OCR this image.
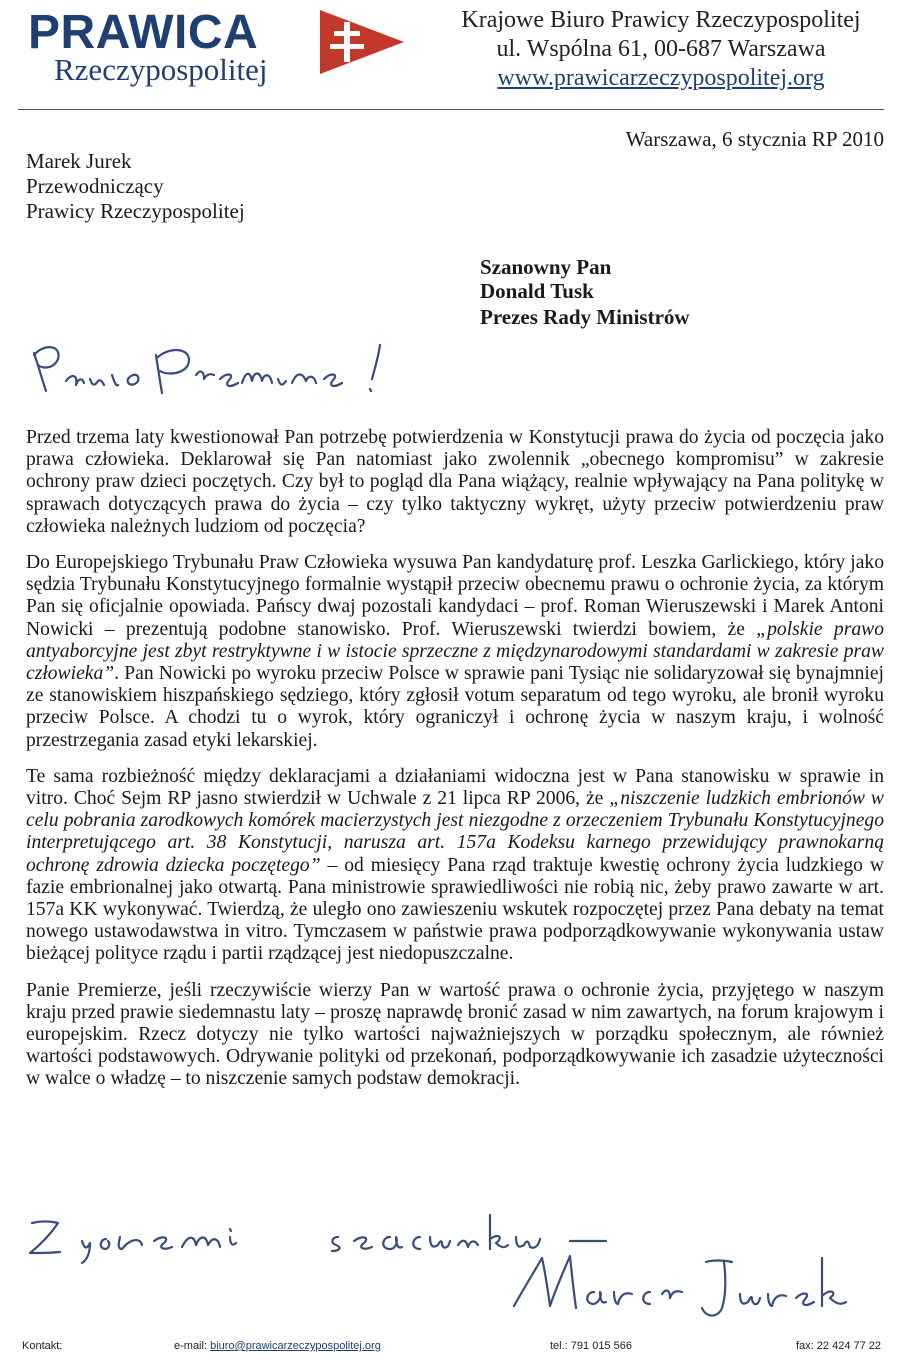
PRAWICA
Rzeczypospolitej
Krajowe Biuro Prawicy Rzeczypospolitej
ul. Wspólna 61, 00-687 Warszawa
www.prawicarzeczypospolitej.org
Warszawa, 6 stycznia RP 2010
Marek Jurek
Przewodniczący
Prawicy Rzeczypospolitej
Szanowny Pan
Donald Tusk
Prezes Rady Ministrów

Przed trzema laty kwestionował Pan potrzebę potwierdzenia w Konstytucji prawa do życia od poczęcia jako prawa człowieka. Deklarował się Pan natomiast jako zwolennik „obecnego kompromisu” w zakresie ochrony praw dzieci poczętych. Czy był to pogląd dla Pana wiążący, realnie wpływający na Pana politykę w sprawach dotyczących prawa do życia – czy tylko taktyczny wykręt, użyty przeciw potwierdzeniu praw człowieka należnych ludziom od poczęcia?

Do Europejskiego Trybunału Praw Człowieka wysuwa Pan kandydaturę prof. Leszka Garlickiego, który jako sędzia Trybunału Konstytucyjnego formalnie wystąpił przeciw obecnemu prawu o ochronie życia, za którym Pan się oficjalnie opowiada. Pańscy dwaj pozostali kandydaci – prof. Roman Wieruszewski i Marek Antoni Nowicki – prezentują podobne stanowisko. Prof. Wieruszewski twierdzi bowiem, że „polskie prawo antyaborcyjne jest zbyt restryktywne i w istocie sprzeczne z międzynarodowymi standardami w zakresie praw człowieka”. Pan Nowicki po wyroku przeciw Polsce w sprawie pani Tysiąc nie solidaryzował się bynajmniej ze stanowiskiem hiszpańskiego sędziego, który zgłosił votum separatum od tego wyroku, ale bronił wyroku przeciw Polsce. A chodzi tu o wyrok, który ograniczył i ochronę życia w naszym kraju, i wolność przestrzegania zasad etyki lekarskiej.

Te sama rozbieżność między deklaracjami a działaniami widoczna jest w Pana stanowisku w sprawie in vitro. Choć Sejm RP jasno stwierdził w Uchwale z 21 lipca RP 2006, że „niszczenie ludzkich embrionów w celu pobrania zarodkowych komórek macierzystych jest niezgodne z orzeczeniem Trybunału Konstytucyjnego interpretującego art. 38 Konstytucji, narusza art. 157a Kodeksu karnego przewidujący prawnokarną ochronę zdrowia dziecka poczętego” – od miesięcy Pana rząd traktuje kwestię ochrony życia ludzkiego w fazie embrionalnej jako otwartą. Pana ministrowie sprawiedliwości nie robią nic, żeby prawo zawarte w art. 157a KK wykonywać. Twierdzą, że uległo ono zawieszeniu wskutek rozpoczętej przez Pana debaty na temat nowego ustawodawstwa in vitro. Tymczasem w państwie prawa podporządkowywanie wykonywania ustaw bieżącej polityce rządu i partii rządzącej jest niedopuszczalne.

Panie Premierze, jeśli rzeczywiście wierzy Pan w wartość prawa o ochronie życia, przyjętego w naszym kraju przed prawie siedemnastu laty – proszę naprawdę bronić zasad w nim zawartych, na forum krajowym i europejskim. Rzecz dotyczy nie tylko wartości najważniejszych w porządku społecznym, ale również wartości podstawowych. Odrywanie polityki od przekonań, podporządkowywanie ich zasadzie użyteczności w walce o władzę – to niszczenie samych podstaw demokracji.

Kontakt:	e-mail: biuro@prawicarzeczypospolitej.org	tel.: 791 015 566	fax: 22 424 77 22
